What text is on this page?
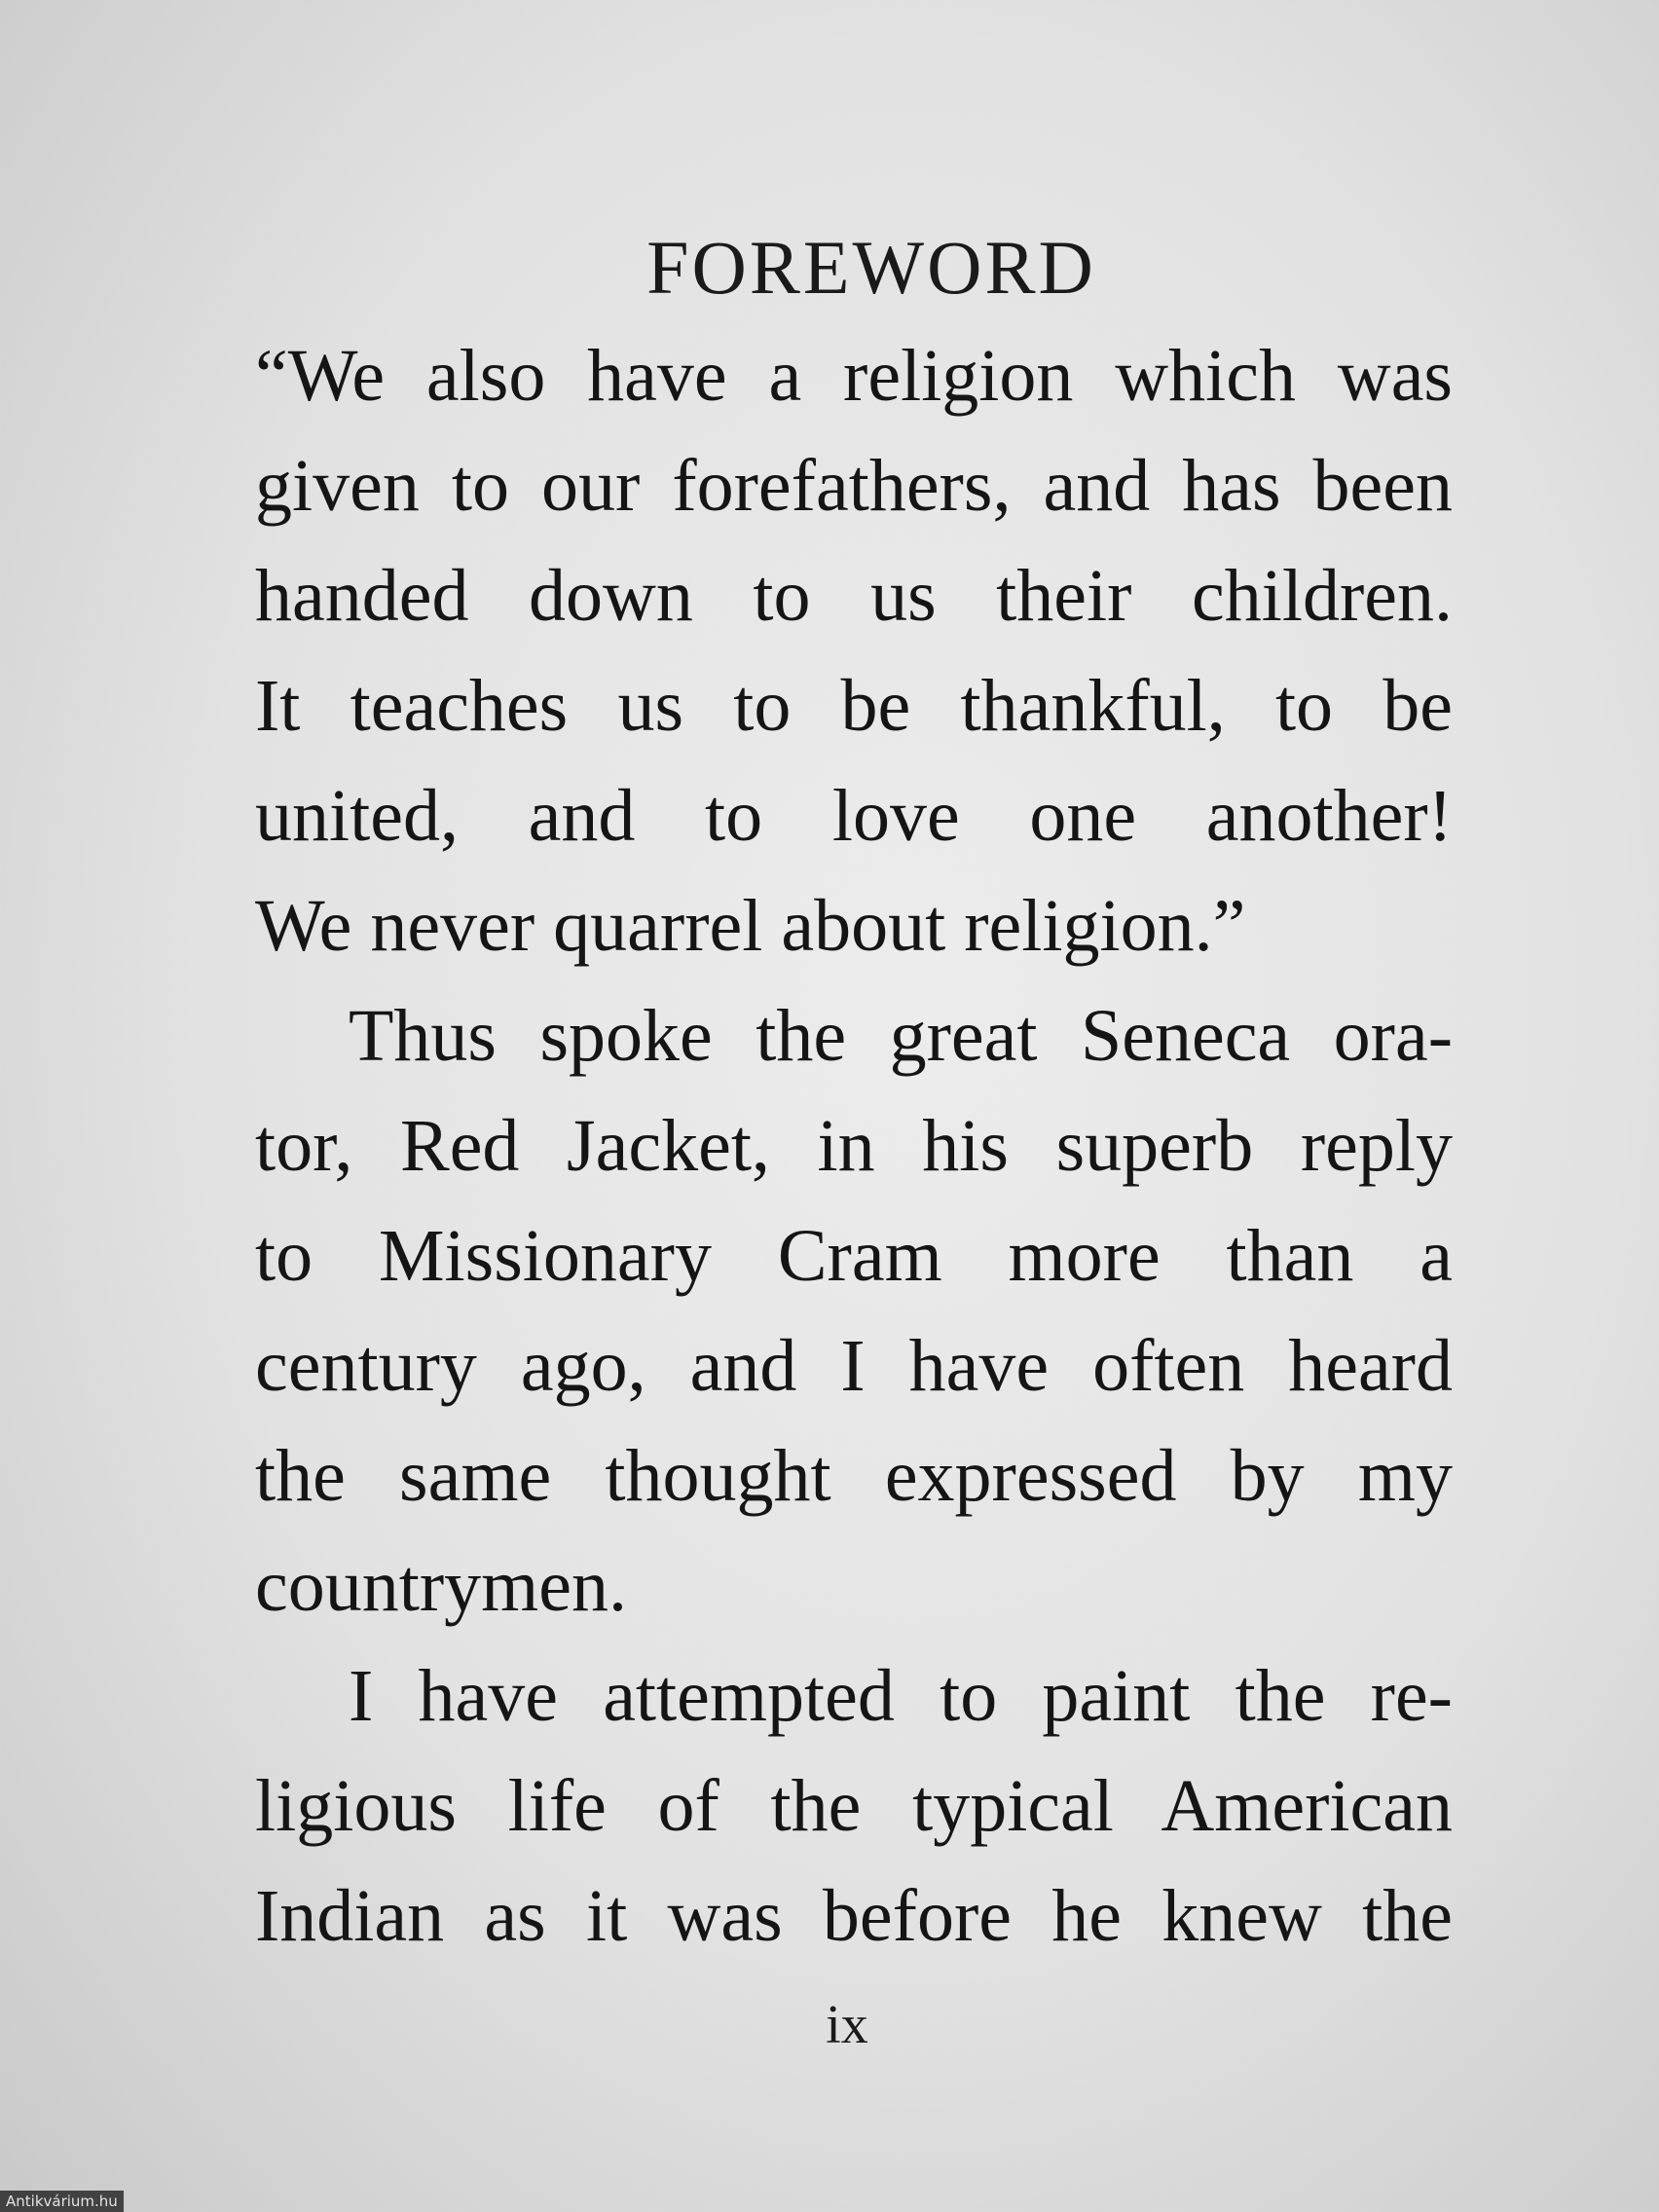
FOREWORD
“We also have a religion which was
given to our forefathers, and has been
handed down to us their children.
It teaches us to be thankful, to be
united, and to love one another!
We never quarrel about religion.”
Thus spoke the great Seneca ora-
tor, Red Jacket, in his superb reply
to Missionary Cram more than a
century ago, and I have often heard
the same thought expressed by my
countrymen.
I have attempted to paint the re-
ligious life of the typical American
Indian as it was before he knew the
ix
Antikvárium.hu
